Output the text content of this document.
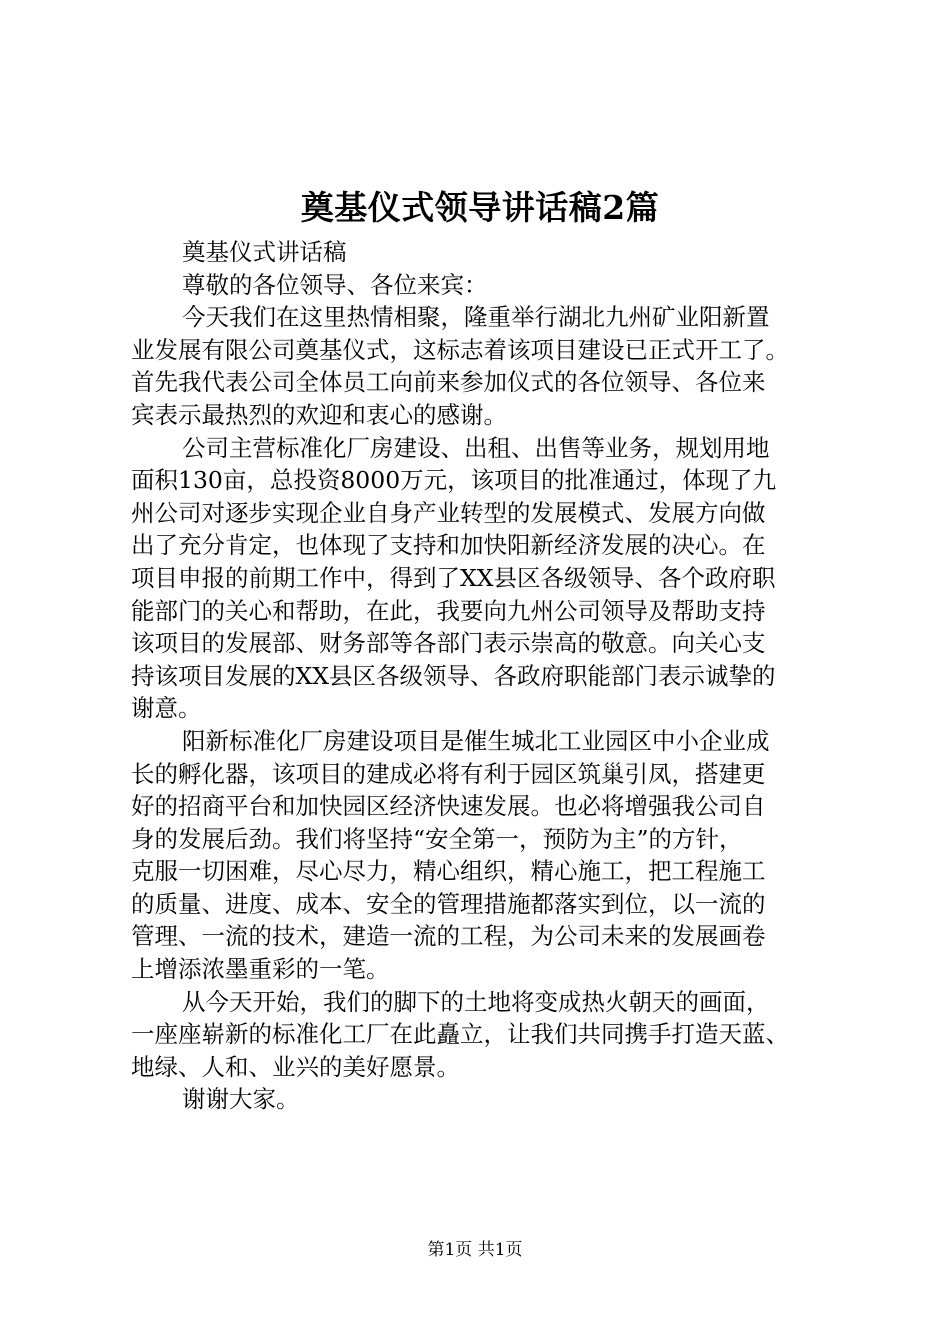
奠基仪式领导讲话稿2篇
奠基仪式讲话稿
尊敬的各位领导、各位来宾：
今天我们在这里热情相聚，隆重举行湖北九州矿业阳新置
业发展有限公司奠基仪式，这标志着该项目建设已正式开工了。
首先我代表公司全体员工向前来参加仪式的各位领导、各位来
宾表示最热烈的欢迎和衷心的感谢。
公司主营标准化厂房建设、出租、出售等业务，规划用地
面积130亩，总投资8000万元，该项目的批准通过，体现了九
州公司对逐步实现企业自身产业转型的发展模式、发展方向做
出了充分肯定，也体现了支持和加快阳新经济发展的决心。在
项目申报的前期工作中，得到了XX县区各级领导、各个政府职
能部门的关心和帮助，在此，我要向九州公司领导及帮助支持
该项目的发展部、财务部等各部门表示崇高的敬意。向关心支
持该项目发展的XX县区各级领导、各政府职能部门表示诚挚的
谢意。
阳新标准化厂房建设项目是催生城北工业园区中小企业成
长的孵化器，该项目的建成必将有利于园区筑巢引凤，搭建更
好的招商平台和加快园区经济快速发展。也必将增强我公司自
身的发展后劲。我们将坚持“安全第一，预防为主”的方针，
克服一切困难，尽心尽力，精心组织，精心施工，把工程施工
的质量、进度、成本、安全的管理措施都落实到位，以一流的
管理、一流的技术，建造一流的工程，为公司未来的发展画卷
上增添浓墨重彩的一笔。
从今天开始，我们的脚下的土地将变成热火朝天的画面，
一座座崭新的标准化工厂在此矗立，让我们共同携手打造天蓝、
地绿、人和、业兴的美好愿景。
谢谢大家。
第1页 共1页
